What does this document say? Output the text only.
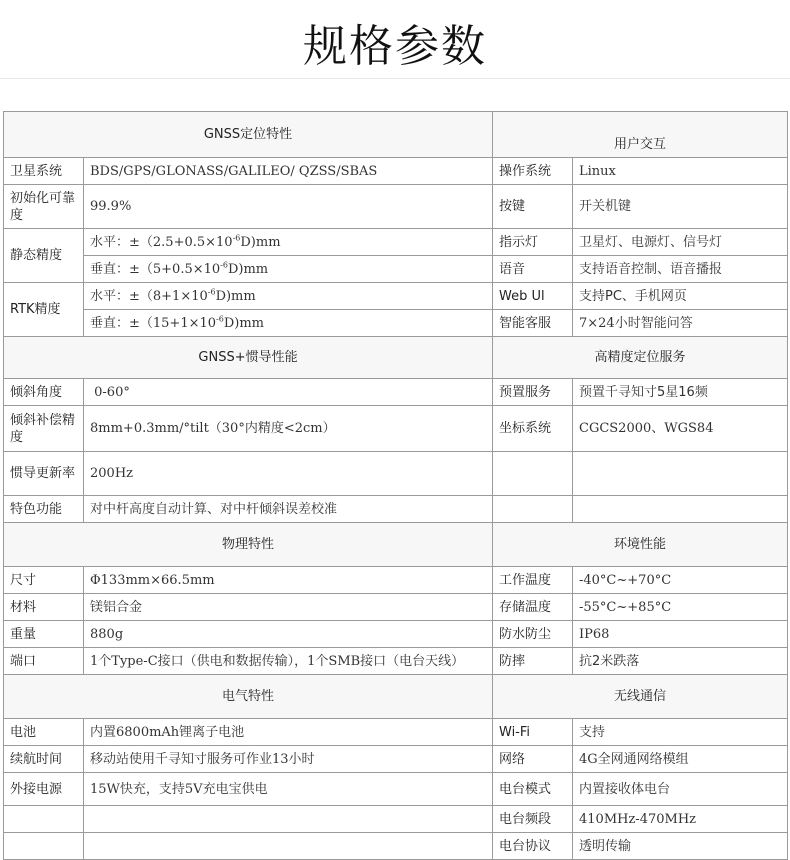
规格参数
GNSS定位特性		用户交互	
卫星系统	BDS/GPS/GLONASS/GALILEO/ QZSS/SBAS	操作系统	Linux
初始化可靠度	99.9%	按键	开关机键
静态精度	水平：$\pm(2.5+0.5\times 10^{-6}D)mm$	指示灯	卫星灯、电源灯、信号灯
	垂直：$\pm(5+0.5\times 10^{-6}D)mm$	语音	支持语音控制、语音播报
RTK精度	水平：$\pm(8+1\times 10^{-6}D)mm$	Web Ul	支持PC、手机网页
	垂直：$\pm(15+1\times 10^{-6}D)mm$	智能客服	7×24小时智能问答
GNSS+惯导性能		高精度定位服务	
倾斜角度	0-60°	预置服务	预置千寻知寸5星16频
倾斜补偿精度	8mm+0.3mm/°tilt（30°内精度<2cm）	坐标系统	CGCS2000、WGS84
惯导更新率	200Hz		
特色功能	对中杆高度自动计算、对中杆倾斜误差校准		
物理特性		环境性能	
尺寸	Φ133mm×66.5mm	工作温度	-40°C~+70°C
材料	镁铝合金	存储温度	-55°C~+85°C
重量	880g	防水防尘	IP68
端口	1个Type-C接口（供电和数据传输），1个SMB接口（电台天线）	防摔	抗2米跌落
电气特性		无线通信	
电池	内置6800mAh锂离子电池	Wi-Fi	支持
续航时间	移动站使用千寻知寸服务可作业13小时	网络	4G全网通网络模组
外接电源	15W快充，支持5V充电宝供电	电台模式	内置接收体电台
		电台频段	410MHz-470MHz
		电台协议	透明传输
